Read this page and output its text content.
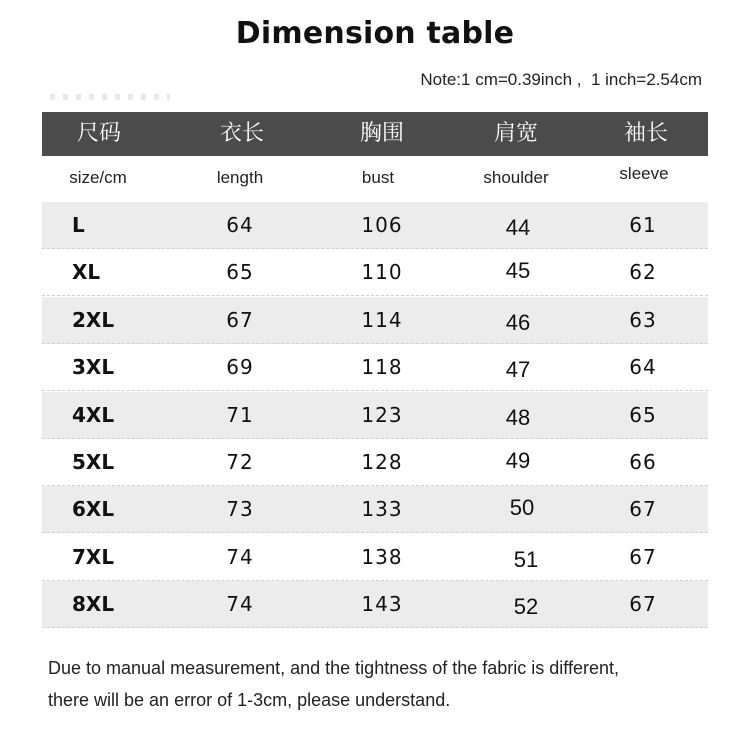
Dimension table
Note:1 cm=0.39inch ,  1 inch=2.54cm
尺码	衣长	胸围	肩宽	袖长
size/cm	length	bust	shoulder	sleeve
L	64	106	44	61
XL	65	110	45	62
2XL	67	114	46	63
3XL	69	118	47	64
4XL	71	123	48	65
5XL	72	128	49	66
6XL	73	133	50	67
7XL	74	138	51	67
8XL	74	143	52	67
Due to manual measurement, and the tightness of the fabric is different,
there will be an error of 1-3cm, please understand.
